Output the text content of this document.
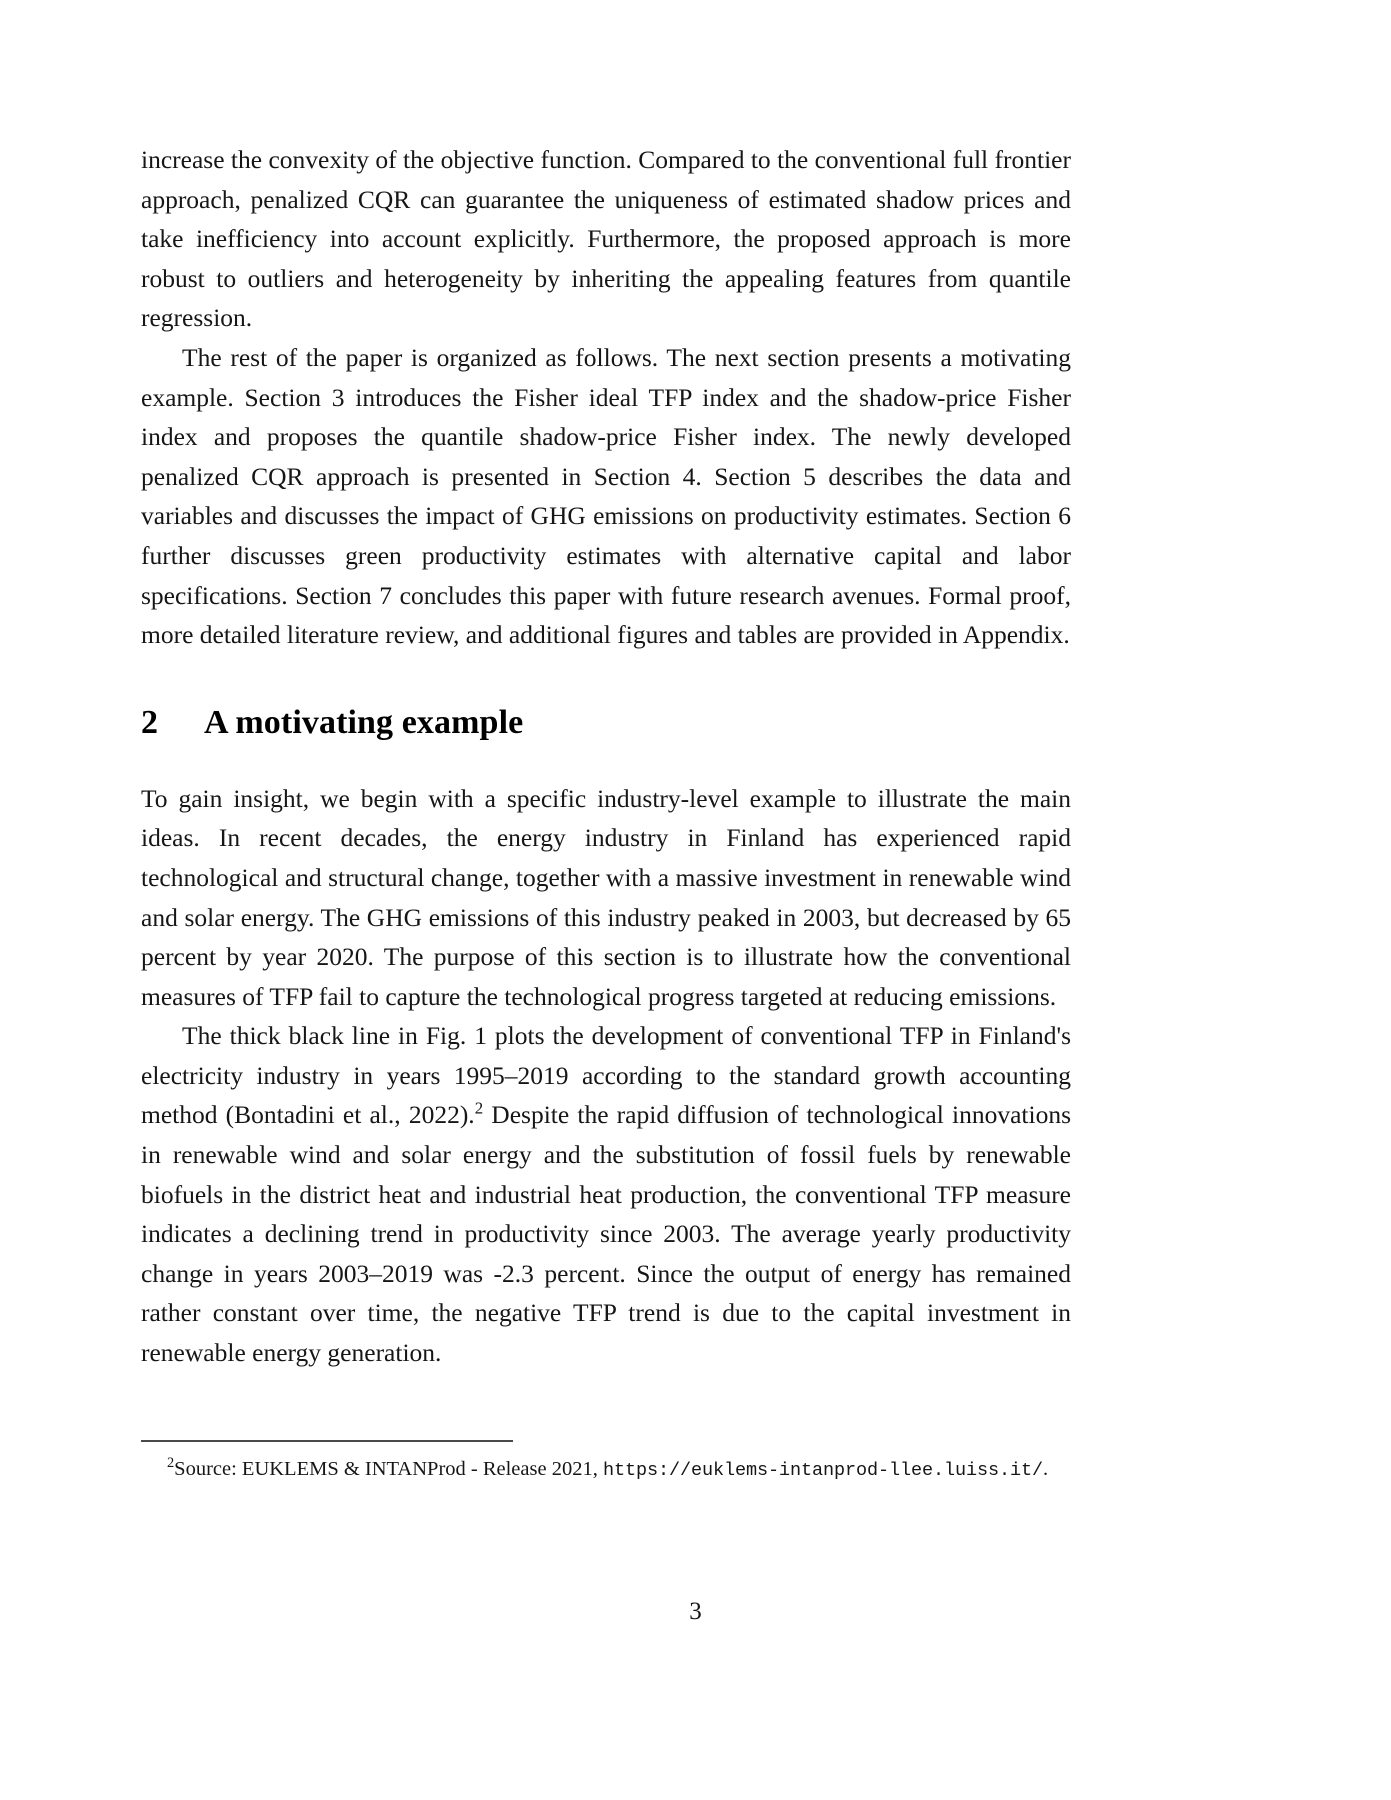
increase the convexity of the objective function. Compared to the conventional full frontier approach, penalized CQR can guarantee the uniqueness of estimated shadow prices and take inefficiency into account explicitly. Furthermore, the proposed approach is more robust to outliers and heterogeneity by inheriting the appealing features from quantile regression.

The rest of the paper is organized as follows. The next section presents a motivating example. Section 3 introduces the Fisher ideal TFP index and the shadow-price Fisher index and proposes the quantile shadow-price Fisher index. The newly developed penalized CQR approach is presented in Section 4. Section 5 describes the data and variables and discusses the impact of GHG emissions on productivity estimates. Section 6 further discusses green productivity estimates with alternative capital and labor specifications. Section 7 concludes this paper with future research avenues. Formal proof, more detailed literature review, and additional figures and tables are provided in Appendix.

2 A motivating example

To gain insight, we begin with a specific industry-level example to illustrate the main ideas. In recent decades, the energy industry in Finland has experienced rapid technological and structural change, together with a massive investment in renewable wind and solar energy. The GHG emissions of this industry peaked in 2003, but decreased by 65 percent by year 2020. The purpose of this section is to illustrate how the conventional measures of TFP fail to capture the technological progress targeted at reducing emissions.

The thick black line in Fig. 1 plots the development of conventional TFP in Finland's electricity industry in years 1995–2019 according to the standard growth accounting method (Bontadini et al., 2022).$^2$ Despite the rapid diffusion of technological innovations in renewable wind and solar energy and the substitution of fossil fuels by renewable biofuels in the district heat and industrial heat production, the conventional TFP measure indicates a declining trend in productivity since 2003. The average yearly productivity change in years 2003–2019 was -2.3 percent. Since the output of energy has remained rather constant over time, the negative TFP trend is due to the capital investment in renewable energy generation.

$^2$Source: EUKLEMS & INTANProd - Release 2021, https://euklems-intanprod-llee.luiss.it/.

3
